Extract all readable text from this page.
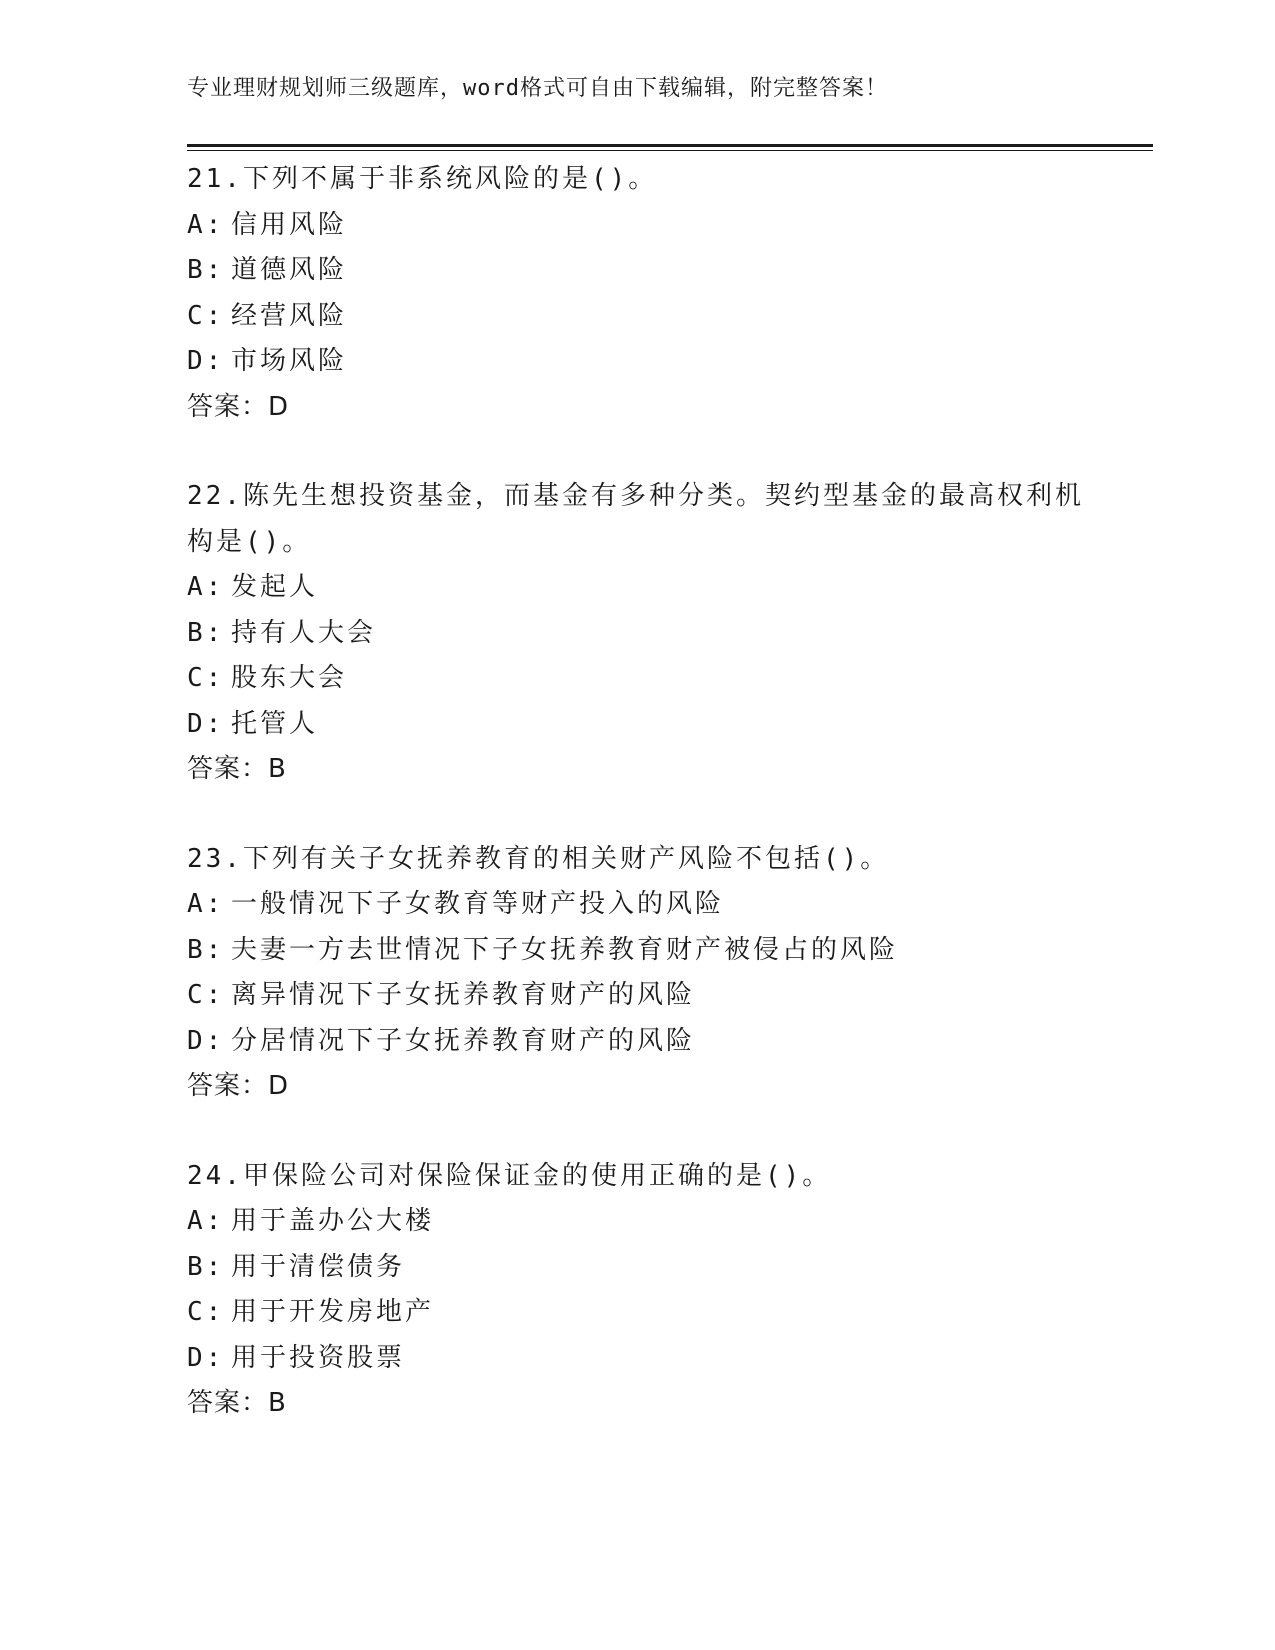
专业理财规划师三级题库，word格式可自由下载编辑，附完整答案！

21.下列不属于非系统风险的是()。

A: 信用风险

B: 道德风险

C: 经营风险

D: 市场风险

答案：D

22.陈先生想投资基金，而基金有多种分类。契约型基金的最高权利机构是()。

A: 发起人

B: 持有人大会

C: 股东大会

D: 托管人

答案：B

23.下列有关子女抚养教育的相关财产风险不包括()。

A: 一般情况下子女教育等财产投入的风险

B: 夫妻一方去世情况下子女抚养教育财产被侵占的风险

C: 离异情况下子女抚养教育财产的风险

D: 分居情况下子女抚养教育财产的风险

答案：D

24.甲保险公司对保险保证金的使用正确的是()。

A: 用于盖办公大楼

B: 用于清偿债务

C: 用于开发房地产

D: 用于投资股票

答案：B
